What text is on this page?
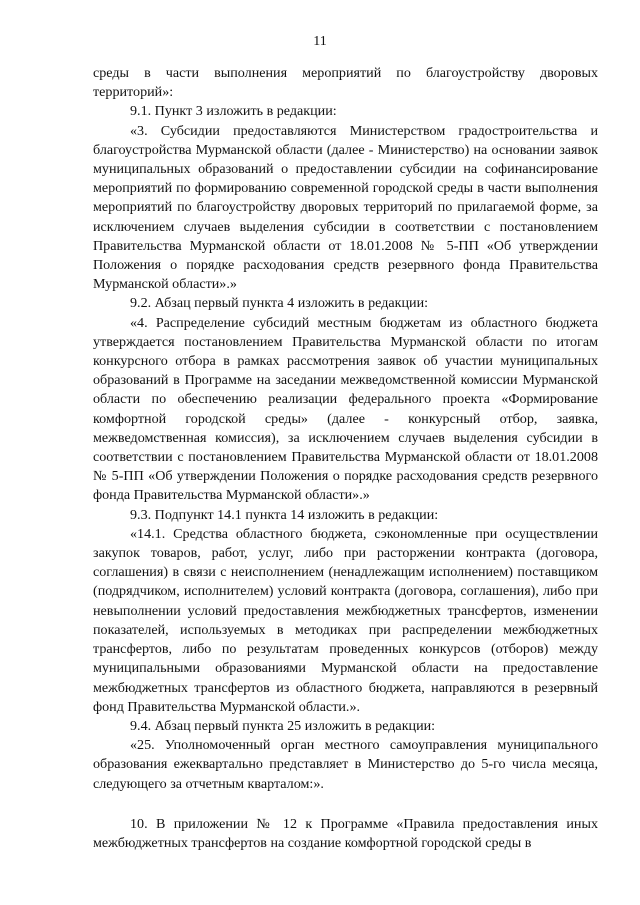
11

среды в части выполнения мероприятий по благоустройству дворовых территорий»:

9.1. Пункт 3 изложить в редакции:

«3. Субсидии предоставляются Министерством градостроительства и благоустройства Мурманской области (далее - Министерство) на основании заявок муниципальных образований о предоставлении субсидии на софинансирование мероприятий по формированию современной городской среды в части выполнения мероприятий по благоустройству дворовых территорий по прилагаемой форме, за исключением случаев выделения субсидии в соответствии с постановлением Правительства Мурманской области от 18.01.2008 № 5-ПП «Об утверждении Положения о порядке расходования средств резервного фонда Правительства Мурманской области».»

9.2. Абзац первый пункта 4 изложить в редакции:

«4. Распределение субсидий местным бюджетам из областного бюджета утверждается постановлением Правительства Мурманской области по итогам конкурсного отбора в рамках рассмотрения заявок об участии муниципальных образований в Программе на заседании межведомственной комиссии Мурманской области по обеспечению реализации федерального проекта «Формирование комфортной городской среды» (далее - конкурсный отбор, заявка, межведомственная комиссия), за исключением случаев выделения субсидии в соответствии с постановлением Правительства Мурманской области от 18.01.2008 № 5-ПП «Об утверждении Положения о порядке расходования средств резервного фонда Правительства Мурманской области».»

9.3. Подпункт 14.1 пункта 14 изложить в редакции:

«14.1. Средства областного бюджета, сэкономленные при осуществлении закупок товаров, работ, услуг, либо при расторжении контракта (договора, соглашения) в связи с неисполнением (ненадлежащим исполнением) поставщиком (подрядчиком, исполнителем) условий контракта (договора, соглашения), либо при невыполнении условий предоставления межбюджетных трансфертов, изменении показателей, используемых в методиках при распределении межбюджетных трансфертов, либо по результатам проведенных конкурсов (отборов) между муниципальными образованиями Мурманской области на предоставление межбюджетных трансфертов из областного бюджета, направляются в резервный фонд Правительства Мурманской области.».

9.4. Абзац первый пункта 25 изложить в редакции:

«25. Уполномоченный орган местного самоуправления муниципального образования ежеквартально представляет в Министерство до 5-го числа месяца, следующего за отчетным кварталом:».

10. В приложении № 12 к Программе «Правила предоставления иных межбюджетных трансфертов на создание комфортной городской среды в
